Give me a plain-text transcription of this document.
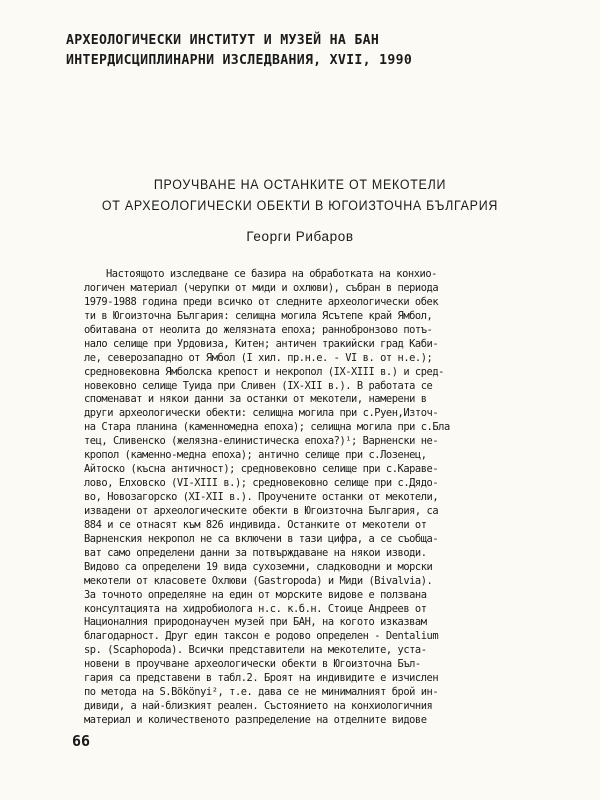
АРХЕОЛОГИЧЕСКИ ИНСТИТУТ И МУЗЕЙ НА БАН
ИНТЕРДИСЦИПЛИНАРНИ ИЗСЛЕДВАНИЯ, XVII, 1990
ПРОУЧВАНЕ НА ОСТАНКИТЕ ОТ МЕКОТЕЛИ
ОТ АРХЕОЛОГИЧЕСКИ ОБЕКТИ В ЮГОИЗТОЧНА БЪЛГАРИЯ
Георги Рибаров
Настоящото изследване се базира на обработката на конхио-
логичен материал (черупки от миди и охлюви), събран в периода
1979-1988 година преди всичко от следните археологически обек
ти в Югоизточна България: селищна могила Ясътепе край Ямбол,
обитавана от неолита до желязната епоха; раннобронзово потъ-
нало селище при Урдовиза, Китен; античен тракийски град Каби-
ле, северозападно от Ямбол (I хил. пр.н.е. - VI в. от н.е.);
средновековна Ямболска крепост и некропол (IX-XIII в.) и сред-
новековно селище Туида при Сливен (IX-XII в.). В работата се
споменават и някои данни за останки от мекотели, намерени в
други археологически обекти: селищна могила при с.Руен,Източ-
на Стара планина (каменномедна епоха); селищна могила при с.Бла
тец, Сливенско (желязна-елинистическа епоха?)¹; Варненски не-
кропол (каменно-медна епоха); антично селище при с.Лозенец,
Айтоско (късна античност); средновековно селище при с.Караве-
лово, Елховско (VI-XIII в.); средновековно селище при с.Дядо-
во, Новозагорско (XI-XII в.). Проучените останки от мекотели,
извадени от археологическите обекти в Югоизточна България, са
884 и се отнасят към 826 индивида. Останките от мекотели от
Варненския некропол не са включени в тази цифра, а се съобща-
ват само определени данни за потвърждаване на някои изводи.
Видово са определени 19 вида сухоземни, сладководни и морски
мекотели от класовете Охлюви (Gastropoda) и Миди (Bivalvia).
За точното определяне на един от морските видове е ползвана
консултацията на хидробиолога н.с. к.б.н. Стоице Андреев от
Националния природонаучен музей при БАН, на когото изказвам
благодарност. Друг един таксон е родово определен - Dentalium
sp. (Scaphopoda). Всички представители на мекотелите, уста-
новени в проучване археологически обекти в Югоизточна Бъл-
гария са представени в табл.2. Броят на индивидите е изчислен
по метода на S.Bökönyi², т.е. дава се не минималният брой ин-
дивиди, а най-близкият реален. Състоянието на конхиологичния
материал и количественото разпределение на отделните видове
66
